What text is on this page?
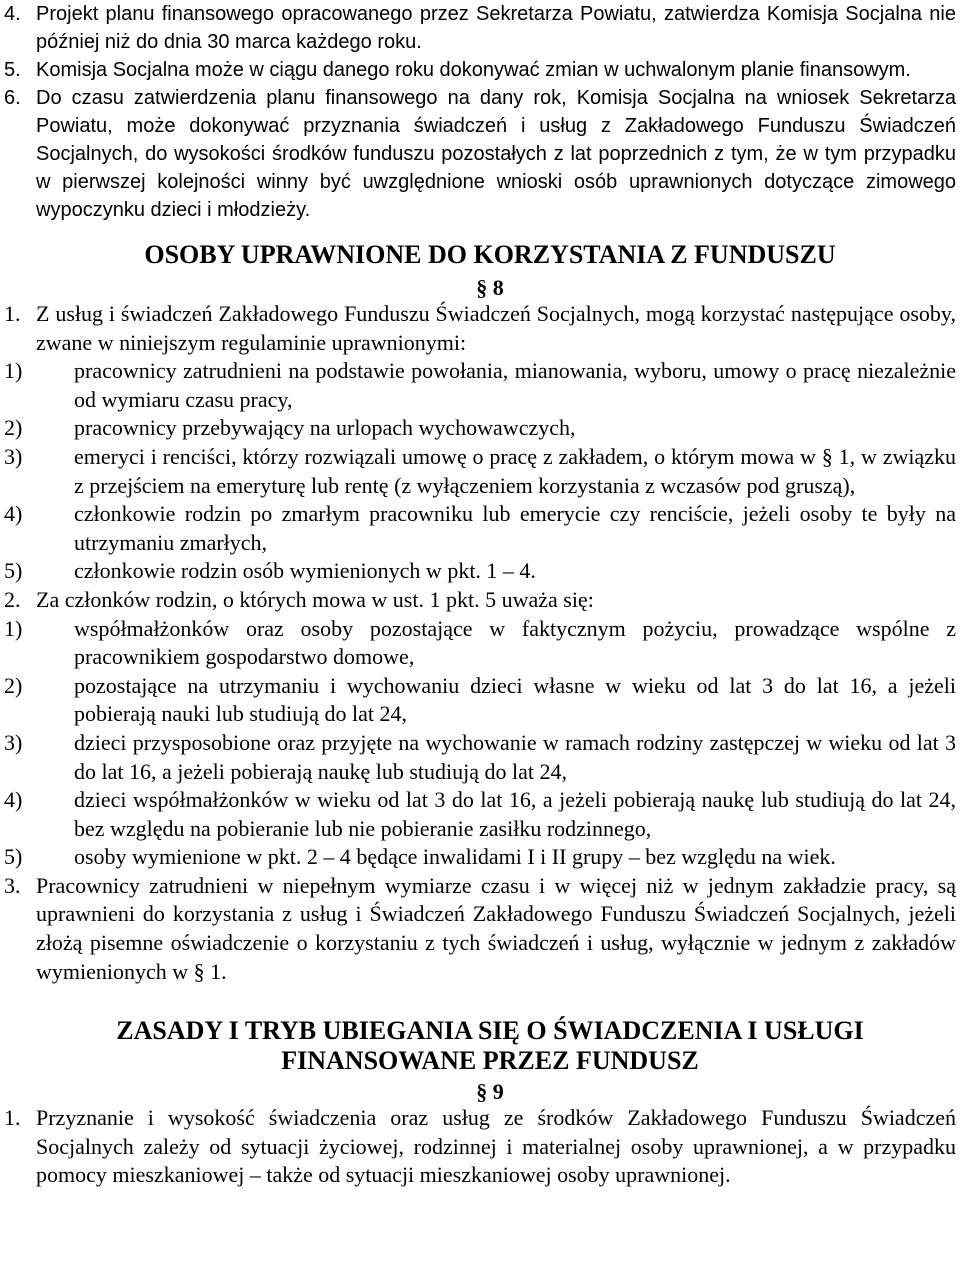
4. Projekt planu finansowego opracowanego przez Sekretarza Powiatu, zatwierdza Komisja Socjalna nie później niż do dnia 30 marca każdego roku.

5. Komisja Socjalna może w ciągu danego roku dokonywać zmian w uchwalonym planie finansowym.

6. Do czasu zatwierdzenia planu finansowego na dany rok, Komisja Socjalna na wniosek Sekretarza Powiatu, może dokonywać przyznania świadczeń i usług z Zakładowego Funduszu Świadczeń Socjalnych, do wysokości środków funduszu pozostałych z lat poprzednich z tym, że w tym przypadku w pierwszej kolejności winny być uwzględnione wnioski osób uprawnionych dotyczące zimowego wypoczynku dzieci i młodzieży.

OSOBY UPRAWNIONE DO KORZYSTANIA Z FUNDUSZU

§ 8

1. Z usług i świadczeń Zakładowego Funduszu Świadczeń Socjalnych, mogą korzystać następujące osoby, zwane w niniejszym regulaminie uprawnionymi:

1) pracownicy zatrudnieni na podstawie powołania, mianowania, wyboru, umowy o pracę niezależnie od wymiaru czasu pracy,

2) pracownicy przebywający na urlopach wychowawczych,

3) emeryci i renciści, którzy rozwiązali umowę o pracę z zakładem, o którym mowa w § 1, w związku z przejściem na emeryturę lub rentę (z wyłączeniem korzystania z wczasów pod gruszą),

4) członkowie rodzin po zmarłym pracowniku lub emerycie czy renciście, jeżeli osoby te były na utrzymaniu zmarłych,

5) członkowie rodzin osób wymienionych w pkt. 1 – 4.

2. Za członków rodzin, o których mowa w ust. 1 pkt. 5 uważa się:

1) współmałżonków oraz osoby pozostające w faktycznym pożyciu, prowadzące wspólne z pracownikiem gospodarstwo domowe,

2) pozostające na utrzymaniu i wychowaniu dzieci własne w wieku od lat 3 do lat 16, a jeżeli pobierają nauki lub studiują do lat 24,

3) dzieci przysposobione oraz przyjęte na wychowanie w ramach rodziny zastępczej w wieku od lat 3 do lat 16, a jeżeli pobierają naukę lub studiują do lat 24,

4) dzieci współmałżonków w wieku od lat 3 do lat 16, a jeżeli pobierają naukę lub studiują do lat 24, bez względu na pobieranie lub nie pobieranie zasiłku rodzinnego,

5) osoby wymienione w pkt. 2 – 4 będące inwalidami I i II grupy – bez względu na wiek.

3. Pracownicy zatrudnieni w niepełnym wymiarze czasu i w więcej niż w jednym zakładzie pracy, są uprawnieni do korzystania z usług i Świadczeń Zakładowego Funduszu Świadczeń Socjalnych, jeżeli złożą pisemne oświadczenie o korzystaniu z tych świadczeń i usług, wyłącznie w jednym z zakładów wymienionych w § 1.

ZASADY I TRYB UBIEGANIA SIĘ O ŚWIADCZENIA I USŁUGI

FINANSOWANE PRZEZ FUNDUSZ

§ 9

1. Przyznanie i wysokość świadczenia oraz usług ze środków Zakładowego Funduszu Świadczeń Socjalnych zależy od sytuacji życiowej, rodzinnej i materialnej osoby uprawnionej, a w przypadku pomocy mieszkaniowej – także od sytuacji mieszkaniowej osoby uprawnionej.
